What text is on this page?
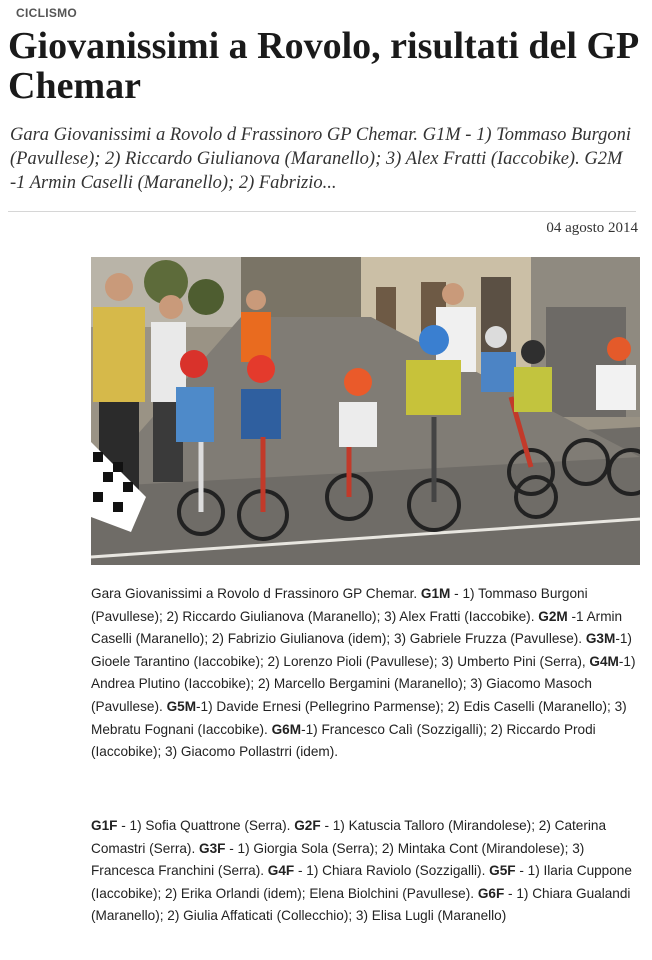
CICLISMO
Giovanissimi a Rovolo, risultati del GP Chemar

Gara Giovanissimi a Rovolo d Frassinoro GP Chemar. G1M - 1) Tommaso Burgoni (Pavullese); 2) Riccardo Giulianova (Maranello); 3) Alex Fratti (Iaccobike). G2M -1 Armin Caselli (Maranello); 2) Fabrizio...

04 agosto 2014

Gara Giovanissimi a Rovolo d Frassinoro GP Chemar. G1M - 1) Tommaso Burgoni (Pavullese); 2) Riccardo Giulianova (Maranello); 3) Alex Fratti (Iaccobike). G2M -1 Armin Caselli (Maranello); 2) Fabrizio Giulianova (idem); 3) Gabriele Fruzza (Pavullese). G3M-1) Gioele Tarantino (Iaccobike); 2) Lorenzo Pioli (Pavullese); 3) Umberto Pini (Serra), G4M-1) Andrea Plutino (Iaccobike); 2) Marcello Bergamini (Maranello); 3) Giacomo Masoch (Pavullese). G5M-1) Davide Ernesi (Pellegrino Parmense); 2) Edis Caselli (Maranello); 3) Mebratu Fognani (Iaccobike). G6M-1) Francesco Calì (Sozzigalli); 2) Riccardo Prodi (Iaccobike); 3) Giacomo Pollastrri (idem).

G1F - 1) Sofia Quattrone (Serra). G2F - 1) Katuscia Talloro (Mirandolese); 2) Caterina Comastri (Serra). G3F - 1) Giorgia Sola (Serra); 2) Mintaka Cont (Mirandolese); 3) Francesca Franchini (Serra). G4F - 1) Chiara Raviolo (Sozzigalli). G5F - 1) Ilaria Cuppone (Iaccobike); 2) Erika Orlandi (idem); Elena Biolchini (Pavullese). G6F - 1) Chiara Gualandi (Maranello); 2) Giulia Affaticati (Collecchio); 3) Elisa Lugli (Maranello)
